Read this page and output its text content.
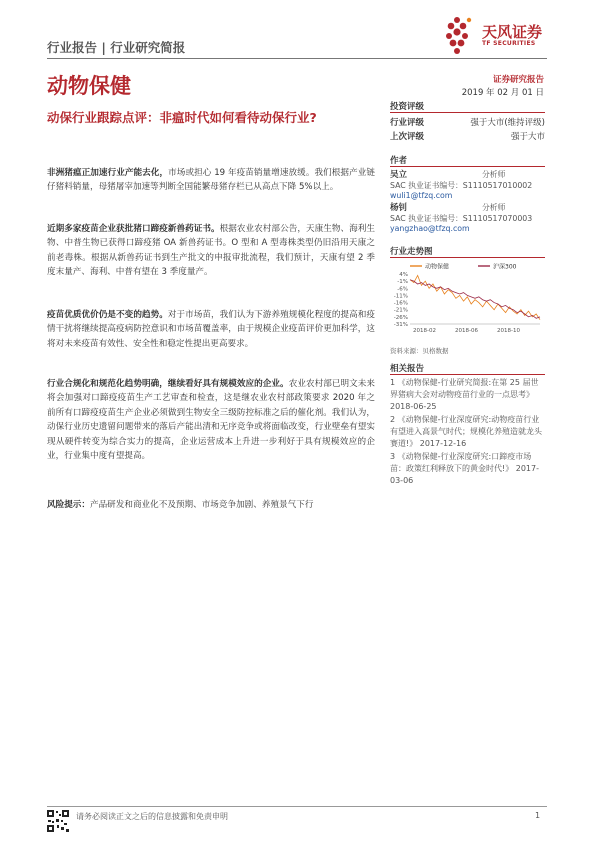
行业报告 | 行业研究简报
天风证券
TF SECURITIES
动物保健	证券研究报告
2019 年 02 月 01 日
动保行业跟踪点评：非瘟时代如何看待动保行业?
非洲猪瘟正加速行业产能去化，市场或担心 19 年疫苗销量增速放缓。我们根据产业链仔猪料销量，母猪屠宰加速等判断全国能繁母猪存栏已从高点下降 5%以上。
近期多家疫苗企业获批猪口蹄疫新兽药证书。根据农业农村部公告，天康生物、海利生物、中普生物已获得口蹄疫猪 OA 新兽药证书。O 型和 A 型毒株类型仍旧沿用天康之前老毒株。根据从新兽药证书到生产批文的申报审批流程，我们预计，天康有望 2 季度末量产、海利、中普有望在 3 季度量产。
疫苗优质优价仍是不变的趋势。对于市场苗，我们认为下游养殖规模化程度的提高和疫情干扰将继续提高疫病防控意识和市场苗覆盖率，由于规模企业疫苗评价更加科学，这将对未来疫苗有效性、安全性和稳定性提出更高要求。
行业合规化和规范化趋势明确，继续看好具有规模效应的企业。农业农村部已明文未来将会加强对口蹄疫疫苗生产工艺审查和检查，这是继农业农村部政策要求 2020 年之前所有口蹄疫疫苗生产企业必须做到生物安全三级防控标准之后的催化剂。我们认为，动保行业历史遗留问题带来的落后产能出清和无序竞争或将面临改变，行业壁垒有望实现从硬件转变为综合实力的提高，企业运营成本上升进一步利好于具有规模效应的企业，行业集中度有望提高。
风险提示：产品研发和商业化不及预期、市场竞争加剧、养殖景气下行
投资评级
行业评级	强于大市(维持评级)
上次评级	强于大市
作者
吴立	分析师
SAC 执业证书编号：S1110517010002
wuli1@tfzq.com
杨钊	分析师
SAC 执业证书编号：S1110517070003
yangzhao@tfzq.com
行业走势图
动物保健	沪深300
4%
-1%
-6%
-11%
-16%
-21%
-26%
-31%
2018-02	2018-06	2018-10
资料来源：贝格数据
相关报告
1 《动物保健-行业研究简报:在第 25 届世界猪病大会对动物疫苗行业的一点思考》 2018-06-25
2 《动物保健-行业深度研究:动物疫苗行业有望进入高景气时代；规模化养殖造就龙头赛道!》 2017-12-16
3 《动物保健-行业深度研究:口蹄疫市场苗：政策红利释放下的黄金时代!》 2017-03-06
请务必阅读正文之后的信息披露和免责申明	1
